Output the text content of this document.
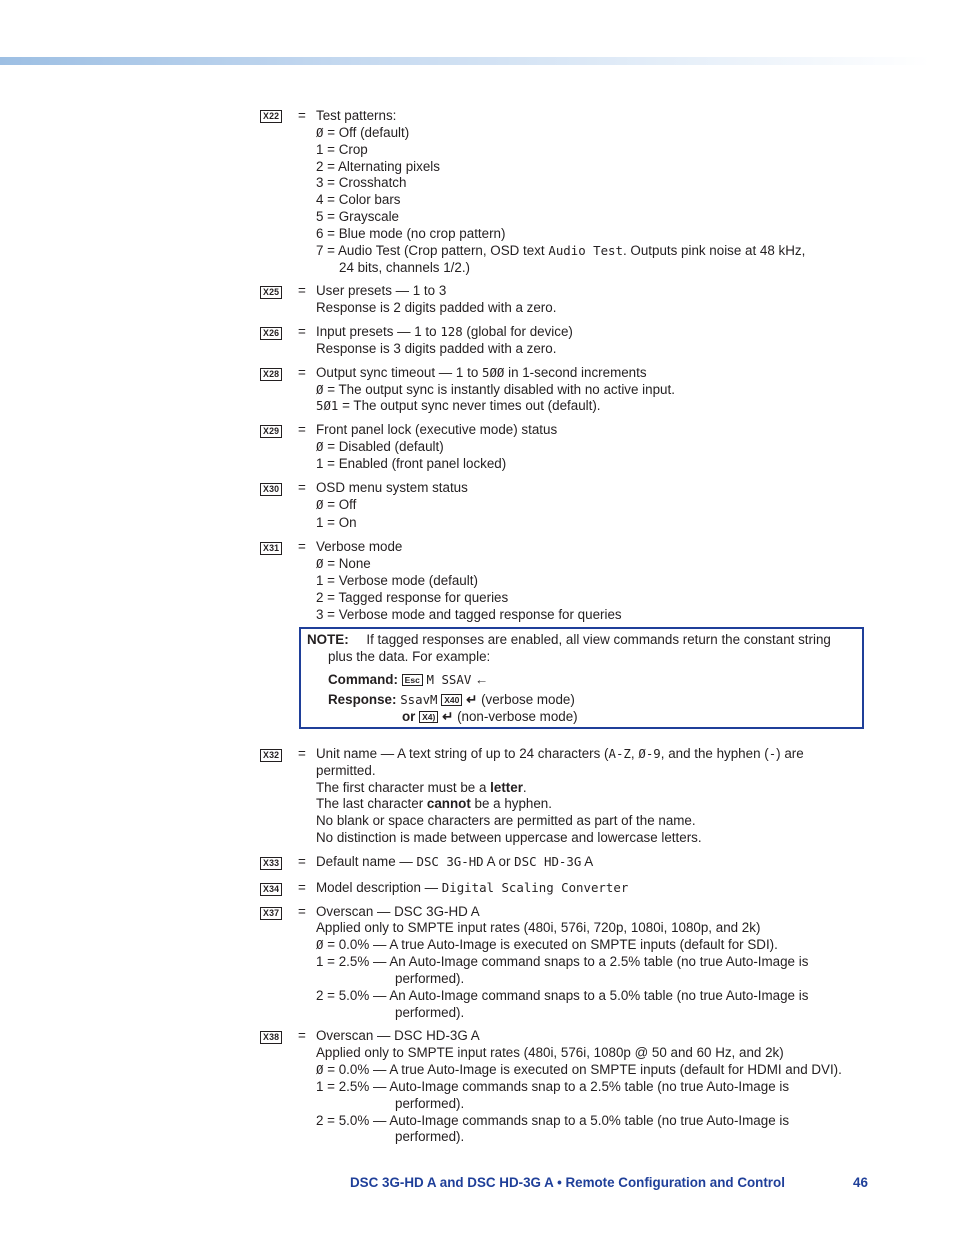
X22 = Test patterns:
Ø = Off (default)
1 = Crop
2 = Alternating pixels
3 = Crosshatch
4 = Color bars
5 = Grayscale
6 = Blue mode (no crop pattern)
7 = Audio Test (Crop pattern, OSD text Audio Test. Outputs pink noise at 48 kHz,
24 bits, channels 1/2.)
X25 = User presets — 1 to 3
Response is 2 digits padded with a zero.
X26 = Input presets — 1 to 128 (global for device)
Response is 3 digits padded with a zero.
X28 = Output sync timeout — 1 to 5ØØ in 1-second increments
Ø = The output sync is instantly disabled with no active input.
5Ø1 = The output sync never times out (default).
X29 = Front panel lock (executive mode) status
Ø = Disabled (default)
1 = Enabled (front panel locked)
X30 = OSD menu system status
Ø = Off
1 = On
X31 = Verbose mode
Ø = None
1 = Verbose mode (default)
2 = Tagged response for queries
3 = Verbose mode and tagged response for queries
NOTE: If tagged responses are enabled, all view commands return the constant string
plus the data. For example:
Command: Esc M SSAV ←
Response: SsavM X40 ↵ (verbose mode)
or X4) ↵ (non-verbose mode)
X32 = Unit name — A text string of up to 24 characters (A-Z, Ø-9, and the hyphen (-) are
permitted.
The first character must be a letter.
The last character cannot be a hyphen.
No blank or space characters are permitted as part of the name.
No distinction is made between uppercase and lowercase letters.
X33 = Default name — DSC 3G-HD A or DSC HD-3G A
X34 = Model description — Digital Scaling Converter
X37 = Overscan — DSC 3G-HD A
Applied only to SMPTE input rates (480i, 576i, 720p, 1080i, 1080p, and 2k)
Ø = 0.0% — A true Auto-Image is executed on SMPTE inputs (default for SDI).
1 = 2.5% — An Auto-Image command snaps to a 2.5% table (no true Auto-Image is
performed).
2 = 5.0% — An Auto-Image command snaps to a 5.0% table (no true Auto-Image is
performed).
X38 = Overscan — DSC HD-3G A
Applied only to SMPTE input rates (480i, 576i, 1080p @ 50 and 60 Hz, and 2k)
Ø = 0.0% — A true Auto-Image is executed on SMPTE inputs (default for HDMI and DVI).
1 = 2.5% — Auto-Image commands snap to a 2.5% table (no true Auto-Image is
performed).
2 = 5.0% — Auto-Image commands snap to a 5.0% table (no true Auto-Image is
performed).
DSC 3G-HD A and DSC HD-3G A • Remote Configuration and Control	46
